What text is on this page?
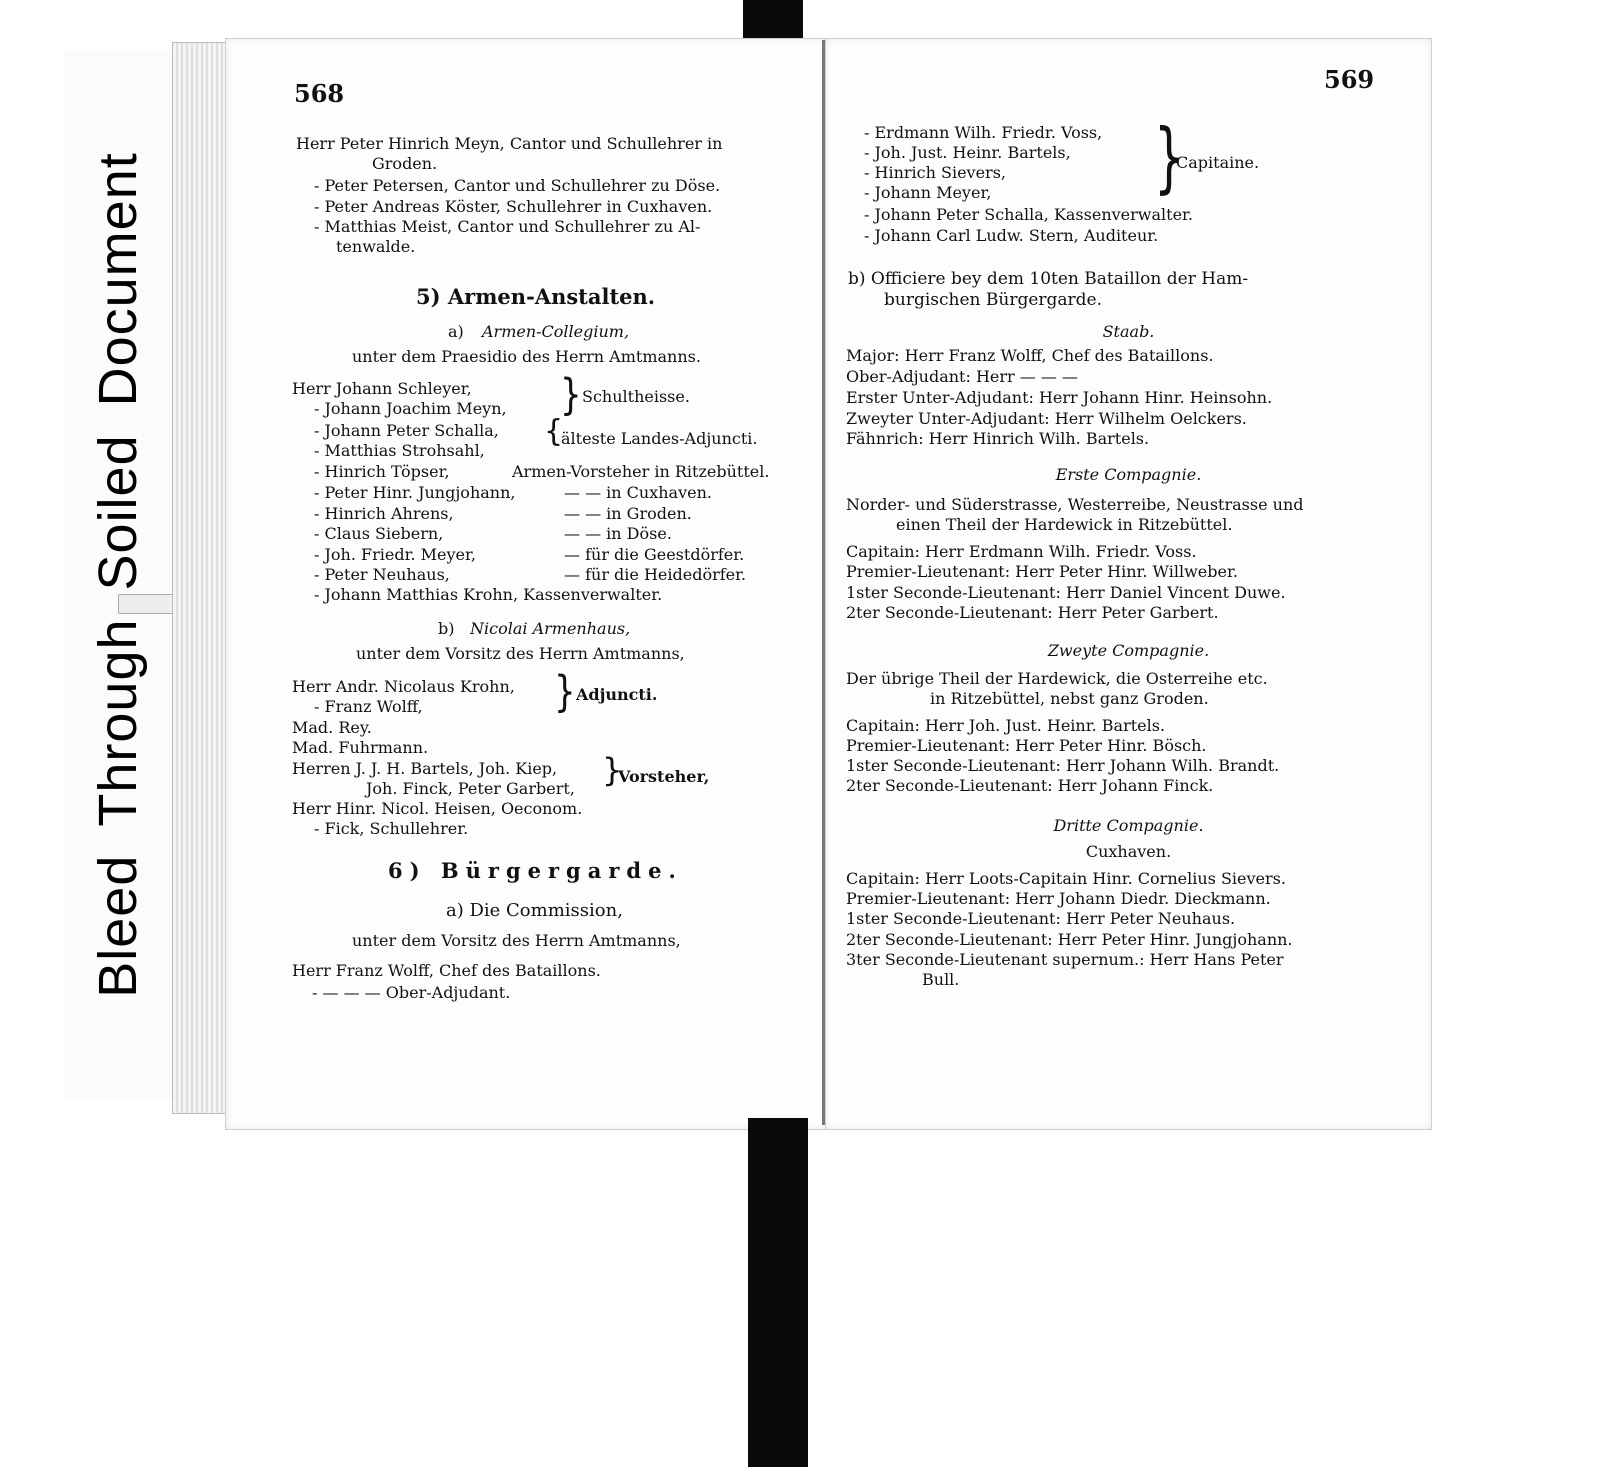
BleedThroughSoiledDocument
568
Herr Peter Hinrich Meyn, Cantor und Schullehrer in
Groden.
- Peter Petersen, Cantor und Schullehrer zu Döse.
- Peter Andreas Köster, Schullehrer in Cuxhaven.
- Matthias Meist, Cantor und Schullehrer zu Al-
tenwalde.
5) Armen-Anstalten.
a) Armen-Collegium,
unter dem Praesidio des Herrn Amtmanns.
Herr Johann Schleyer,
- Johann Joachim Meyn, } Schultheisse.
- Johann Peter Schalla,
- Matthias Strohsahl,
{
älteste Landes-Adjuncti.
- Hinrich Töpser,	Armen-Vorsteher in Ritzebüttel.
- Peter Hinr. Jungjohann,	— — in Cuxhaven.
- Hinrich Ahrens,	— — in Groden.
- Claus Siebern,	— — in Döse.
- Joh. Friedr. Meyer,	— für die Geestdörfer.
- Peter Neuhaus,	— für die Heidedörfer.
- Johann Matthias Krohn, Kassenverwalter.
b) Nicolai Armenhaus,
unter dem Vorsitz des Herrn Amtmanns,
Herr Andr. Nicolaus Krohn,
- Franz Wolff,	} Adjuncti.
Mad. Rey.
Mad. Fuhrmann.
Herren J. J. H. Bartels, Joh. Kiep,
Joh. Finck, Peter Garbert, }
Vorsteher,
Herr Hinr. Nicol. Heisen, Oeconom.
- Fick, Schullehrer.
6) Bürgergarde.
a) Die Commission,
unter dem Vorsitz des Herrn Amtmanns,
Herr Franz Wolff, Chef des Bataillons.
- — — — Ober-Adjudant.
569
- Erdmann Wilh. Friedr. Voss,
- Joh. Just. Heinr. Bartels,
- Hinrich Sievers,
- Johann Meyer,	}
Capitaine.
- Johann Peter Schalla, Kassenverwalter.
- Johann Carl Ludw. Stern, Auditeur.
b) Officiere bey dem 10ten Bataillon der Ham-
burgischen Bürgergarde.
Staab.
Major: Herr Franz Wolff, Chef des Bataillons.
Ober-Adjudant: Herr — — —
Erster Unter-Adjudant: Herr Johann Hinr. Heinsohn.
Zweyter Unter-Adjudant: Herr Wilhelm Oelckers.
Fähnrich: Herr Hinrich Wilh. Bartels.
Erste Compagnie.
Norder- und Süderstrasse, Westerreibe, Neustrasse und
einen Theil der Hardewick in Ritzebüttel.
Capitain: Herr Erdmann Wilh. Friedr. Voss.
Premier-Lieutenant: Herr Peter Hinr. Willweber.
1ster Seconde-Lieutenant: Herr Daniel Vincent Duwe.
2ter Seconde-Lieutenant: Herr Peter Garbert.
Zweyte Compagnie.
Der übrige Theil der Hardewick, die Osterreihe etc.
in Ritzebüttel, nebst ganz Groden.
Capitain: Herr Joh. Just. Heinr. Bartels.
Premier-Lieutenant: Herr Peter Hinr. Bösch.
1ster Seconde-Lieutenant: Herr Johann Wilh. Brandt.
2ter Seconde-Lieutenant: Herr Johann Finck.
Dritte Compagnie.
Cuxhaven.
Capitain: Herr Loots-Capitain Hinr. Cornelius Sievers.
Premier-Lieutenant: Herr Johann Diedr. Dieckmann.
1ster Seconde-Lieutenant: Herr Peter Neuhaus.
2ter Seconde-Lieutenant: Herr Peter Hinr. Jungjohann.
3ter Seconde-Lieutenant supernum.: Herr Hans Peter
Bull.
